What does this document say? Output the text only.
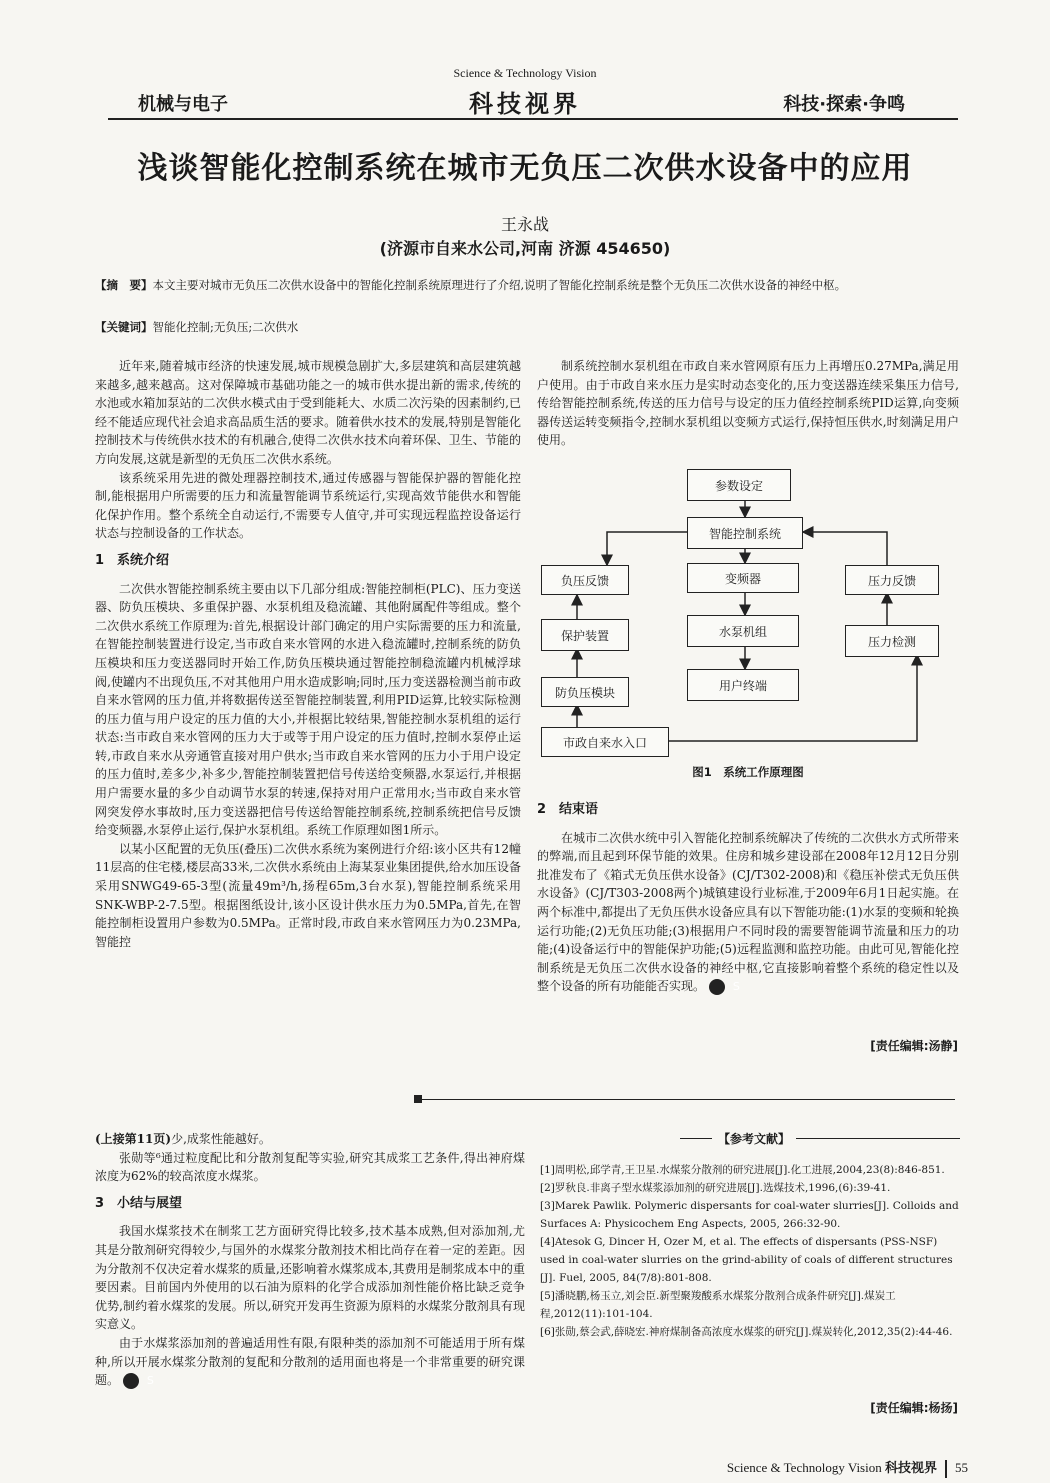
机械与电子
Science & Technology Vision
科技视界	科技·探索·争鸣
浅谈智能化控制系统在城市无负压二次供水设备中的应用
王永战
(济源市自来水公司,河南 济源 454650)
【摘　要】本文主要对城市无负压二次供水设备中的智能化控制系统原理进行了介绍,说明了智能化控制系统是整个无负压二次供水设备的神经中枢。
【关键词】智能化控制;无负压;二次供水

近年来,随着城市经济的快速发展,城市规模急剧扩大,多层建筑和高层建筑越来越多,越来越高。这对保障城市基础功能之一的城市供水提出新的需求,传统的水池或水箱加泵站的二次供水模式由于受到能耗大、水质二次污染的因素制约,已经不能适应现代社会追求高品质生活的要求。随着供水技术的发展,特别是智能化控制技术与传统供水技术的有机融合,使得二次供水技术向着环保、卫生、节能的方向发展,这就是新型的无负压二次供水系统。

该系统采用先进的微处理器控制技术,通过传感器与智能保护器的智能化控制,能根据用户所需要的压力和流量智能调节系统运行,实现高效节能供水和智能化保护作用。整个系统全自动运行,不需要专人值守,并可实现远程监控设备运行状态与控制设备的工作状态。

1　系统介绍

二次供水智能控制系统主要由以下几部分组成:智能控制柜(PLC)、压力变送器、防负压模块、多重保护器、水泵机组及稳流罐、其他附属配件等组成。整个二次供水系统工作原理为:首先,根据设计部门确定的用户实际需要的压力和流量,在智能控制装置进行设定,当市政自来水管网的水进入稳流罐时,控制系统的防负压模块和压力变送器同时开始工作,防负压模块通过智能控制稳流罐内机械浮球阀,使罐内不出现负压,不对其他用户用水造成影响;同时,压力变送器检测当前市政自来水管网的压力值,并将数据传送至智能控制装置,利用PID运算,比较实际检测的压力值与用户设定的压力值的大小,并根据比较结果,智能控制水泵机组的运行状态:当市政自来水管网的压力大于或等于用户设定的压力值时,控制水泵停止运转,市政自来水从旁通管直接对用户供水;当市政自来水管网的压力小于用户设定的压力值时,差多少,补多少,智能控制装置把信号传送给变频器,水泵运行,并根据用户需要水量的多少自动调节水泵的转速,保持对用户正常用水;当市政自来水管网突发停水事故时,压力变送器把信号传送给智能控制系统,控制系统把信号反馈给变频器,水泵停止运行,保护水泵机组。系统工作原理如图1所示。

以某小区配置的无负压(叠压)二次供水系统为案例进行介绍:该小区共有12幢11层高的住宅楼,楼层高33米,二次供水系统由上海某泵业集团提供,给水加压设备采用SNWG49-65-3型(流量49m³/h,扬程65m,3台水泵),智能控制系统采用SNK-WBP-2-7.5型。根据图纸设计,该小区设计供水压力为0.5MPa,首先,在智能控制柜设置用户参数为0.5MPa。正常时段,市政自来水管网压力为0.23MPa,智能控

制系统控制水泵机组在市政自来水管网原有压力上再增压0.27MPa,满足用户使用。由于市政自来水压力是实时动态变化的,压力变送器连续采集压力信号,传给智能控制系统,传送的压力信号与设定的压力值经控制系统PID运算,向变频器传送运转变频指令,控制水泵机组以变频方式运行,保持恒压供水,时刻满足用户使用。

参数设定
智能控制系统
负压反馈	变频器	压力反馈
保护装置	水泵机组
压力检测
防负压模块	用户终端
市政自来水入口
图1　系统工作原理图
2　结束语

在城市二次供水统中引入智能化控制系统解决了传统的二次供水方式所带来的弊端,而且起到环保节能的效果。住房和城乡建设部在2008年12月12日分别批准发布了《箱式无负压供水设备》(CJ/T302-2008)和《稳压补偿式无负压供水设备》(CJ/T303-2008两个)城镇建设行业标准,于2009年6月1日起实施。在两个标准中,都提出了无负压供水设备应具有以下智能功能:(1)水泵的变频和轮换运行功能;(2)无负压功能;(3)根据用户不同时段的需要智能调节流量和压力的功能;(4)设备运行中的智能保护功能;(5)远程监测和监控功能。由此可见,智能化控制系统是无负压二次供水设备的神经中枢,它直接影响着整个系统的稳定性以及整个设备的所有功能能否实现。	S

[责任编辑:汤静]

(上接第11页)少,成浆性能越好。

张勋等⁶通过粒度配比和分散剂复配等实验,研究其成浆工艺条件,得出神府煤浓度为62%的较高浓度水煤浆。

3　小结与展望

我国水煤浆技术在制浆工艺方面研究得比较多,技术基本成熟,但对添加剂,尤其是分散剂研究得较少,与国外的水煤浆分散剂技术相比尚存在着一定的差距。因为分散剂不仅决定着水煤浆的质量,还影响着水煤浆成本,其费用是制浆成本中的重要因素。目前国内外使用的以石油为原料的化学合成添加剂性能价格比缺乏竞争优势,制约着水煤浆的发展。所以,研究开发再生资源为原料的水煤浆分散剂具有现实意义。

由于水煤浆添加剂的普遍适用性有限,有限种类的添加剂不可能适用于所有煤种,所以开展水煤浆分散剂的复配和分散剂的适用面也将是一个非常重要的研究课题。	S

【参考文献】
[1]周明松,邱学青,王卫星.水煤浆分散剂的研究进展[J].化工进展,2004,23(8):846-851.
[2]罗秋良.非离子型水煤浆添加剂的研究进展[J].选煤技术,1996,(6):39-41.
[3]Marek Pawlik. Polymeric dispersants for coal-water slurries[J]. Colloids and Surfaces A: Physicochem Eng Aspects, 2005, 266:32-90.
[4]Atesok G, Dincer H, Ozer M, et al. The effects of dispersants (PSS-NSF) used in coal-water slurries on the grind-ability of coals of different structures [J]. Fuel, 2005, 84(7/8):801-808.
[5]潘晓鹏,杨玉立,刘会臣.新型聚羧酸系水煤浆分散剂合成条件研究[J].煤炭工程,2012(11):101-104.
[6]张勋,蔡会武,薛晓宏.神府煤制备高浓度水煤浆的研究[J].煤炭转化,2012,35(2):44-46.
[责任编辑:杨扬]
Science & Technology Vision 科技视界 55
